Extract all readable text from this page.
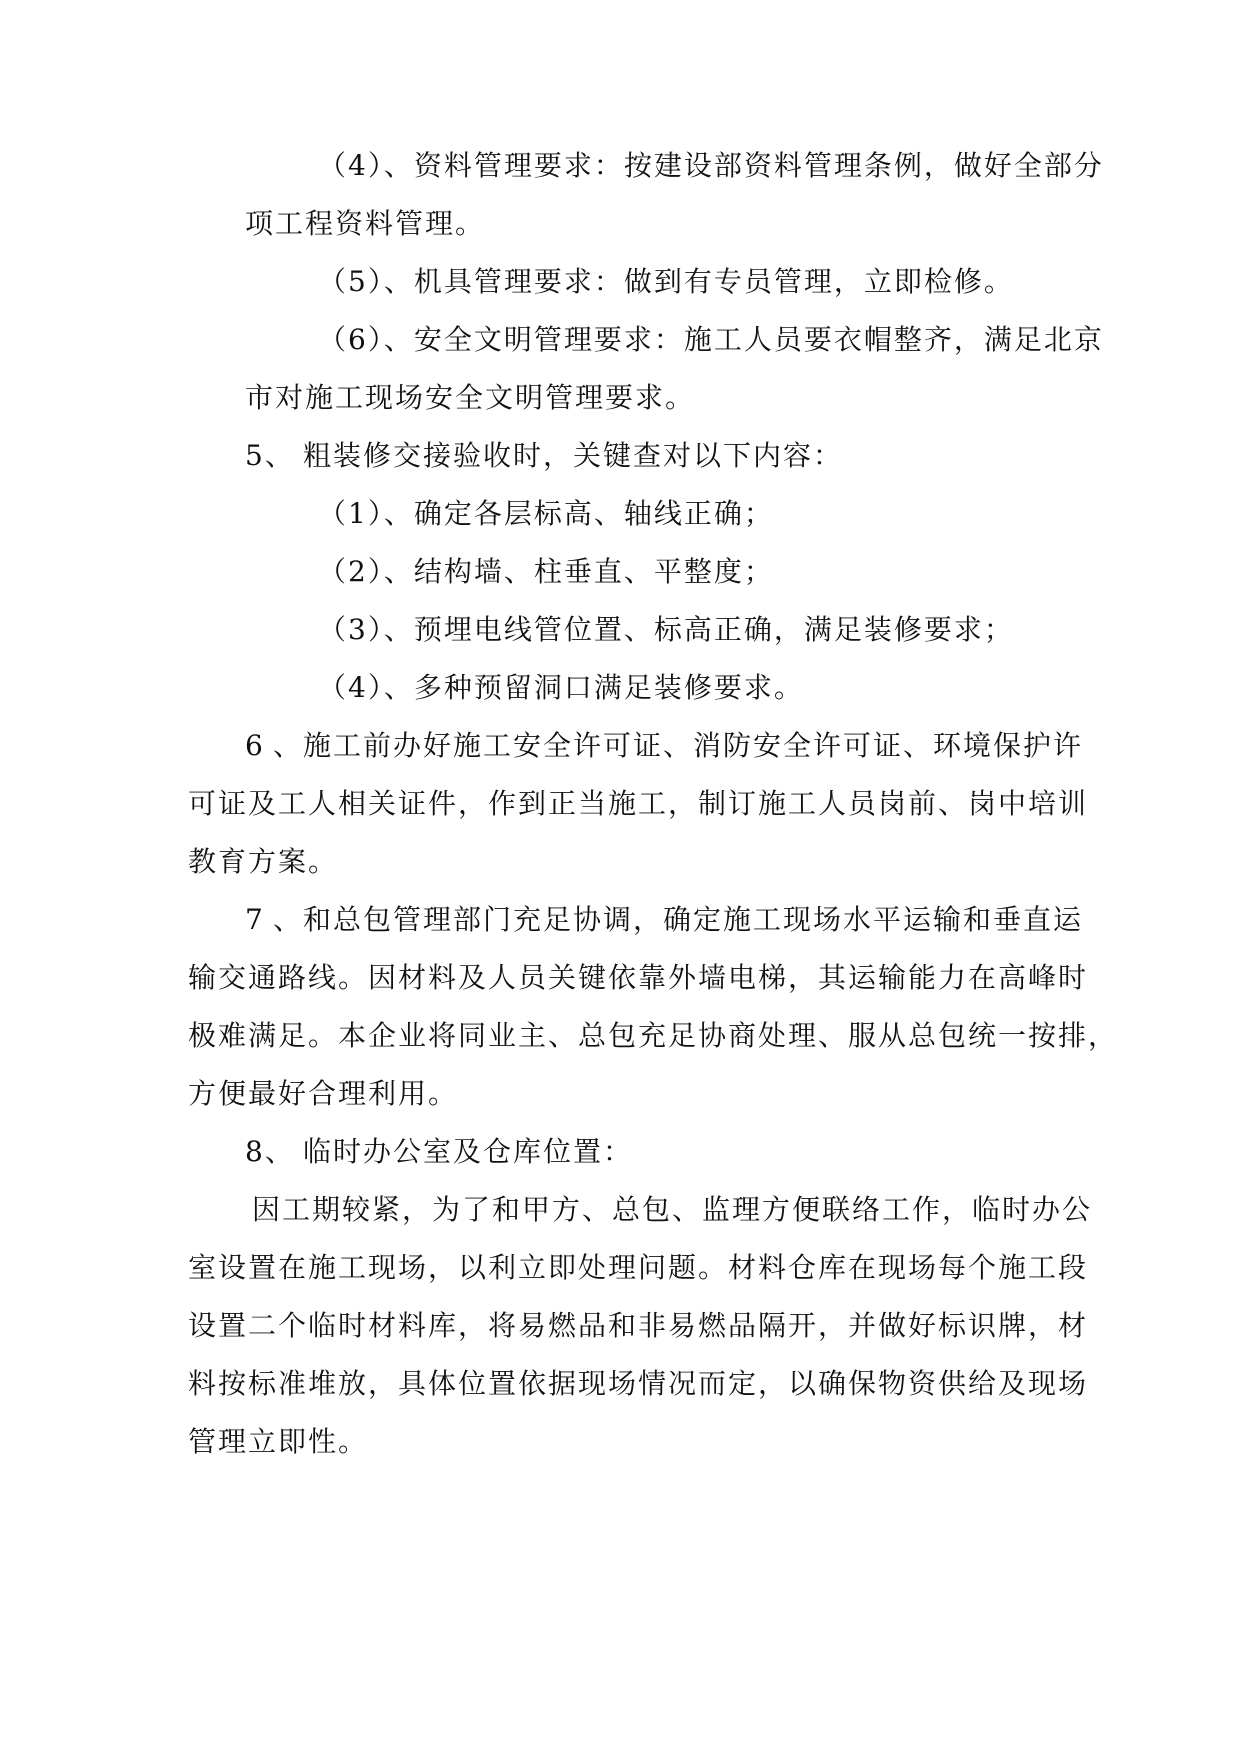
（4）、资料管理要求：按建设部资料管理条例，做好全部分
项工程资料管理。
（5）、机具管理要求：做到有专员管理，立即检修。
（6）、安全文明管理要求：施工人员要衣帽整齐，满足北京
市对施工现场安全文明管理要求。
5、 粗装修交接验收时，关键查对以下内容：
（1）、确定各层标高、轴线正确；
（2）、结构墙、柱垂直、平整度；
（3）、预埋电线管位置、标高正确，满足装修要求；
（4）、多种预留洞口满足装修要求。
6、施工前办好施工安全许可证、消防安全许可证、环境保护许
可证及工人相关证件，作到正当施工，制订施工人员岗前、岗中培训
教育方案。
7、和总包管理部门充足协调，确定施工现场水平运输和垂直运
输交通路线。因材料及人员关键依靠外墙电梯，其运输能力在高峰时
极难满足。本企业将同业主、总包充足协商处理、服从总包统一按排，
方便最好合理利用。
8、 临时办公室及仓库位置：
因工期较紧，为了和甲方、总包、监理方便联络工作，临时办公
室设置在施工现场，以利立即处理问题。材料仓库在现场每个施工段
设置二个临时材料库，将易燃品和非易燃品隔开，并做好标识牌，材
料按标准堆放，具体位置依据现场情况而定，以确保物资供给及现场
管理立即性。
